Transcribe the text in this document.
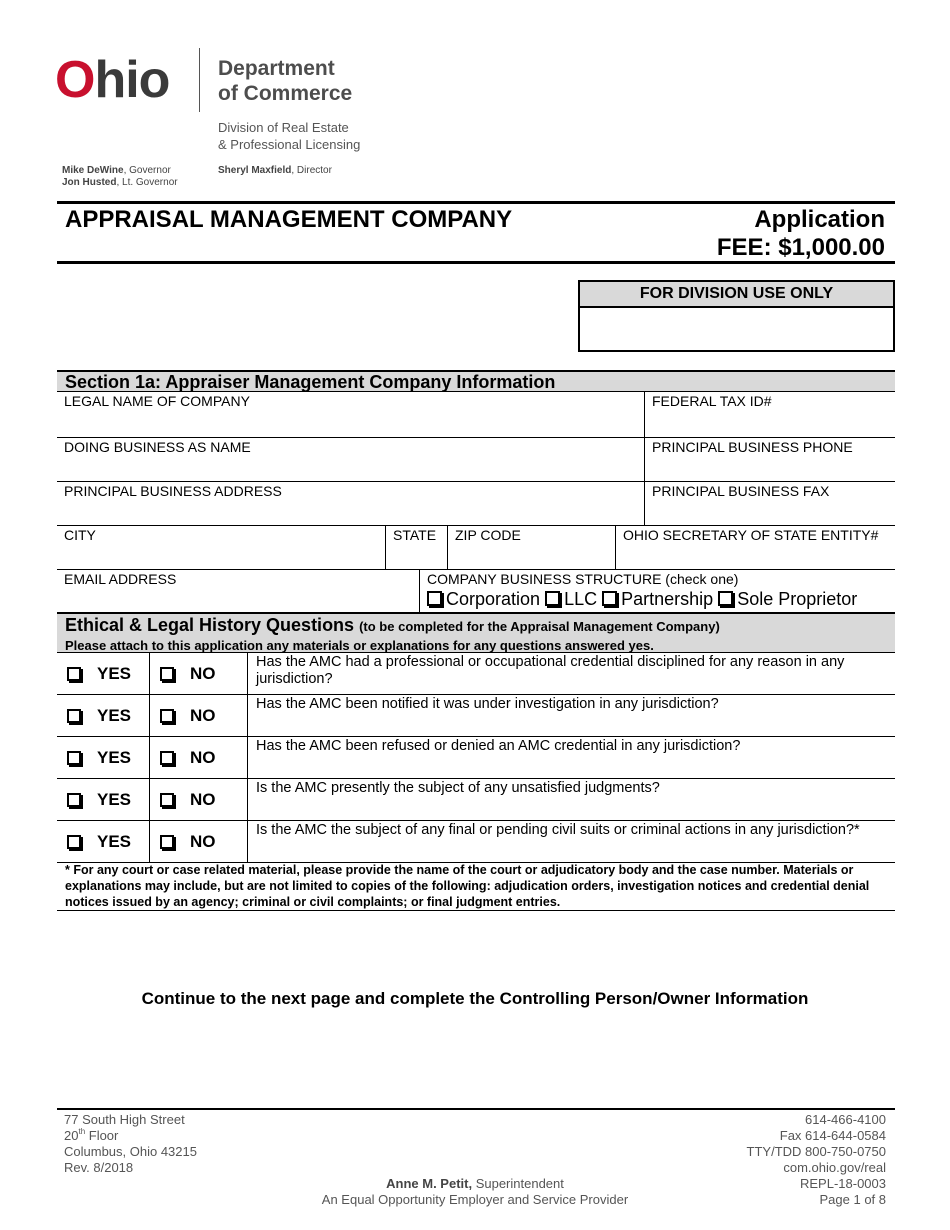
Ohio Department
of Commerce
Division of Real Estate
& Professional Licensing
Mike DeWine, Governor
Jon Husted, Lt. Governor
Sheryl Maxfield, Director
APPRAISAL MANAGEMENT COMPANY	Application
FEE: $1,000.00
FOR DIVISION USE ONLY
Section 1a: Appraiser Management Company Information
LEGAL NAME OF COMPANY	FEDERAL TAX ID#
DOING BUSINESS AS NAME	PRINCIPAL BUSINESS PHONE
PRINCIPAL BUSINESS ADDRESS	PRINCIPAL BUSINESS FAX
CITY	STATE	ZIP CODE	OHIO SECRETARY OF STATE ENTITY#
EMAIL ADDRESS	COMPANY BUSINESS STRUCTURE (check one)
Corporation LLC Partnership Sole Proprietor
Ethical & Legal History Questions (to be completed for the Appraisal Management Company)
Please attach to this application any materials or explanations for any questions answered yes.
YES	NO
Has the AMC had a professional or occupational credential disciplined for any reason in any jurisdiction?
YES	NO
Has the AMC been notified it was under investigation in any jurisdiction?
YES	NO
Has the AMC been refused or denied an AMC credential in any jurisdiction?
YES	NO
Is the AMC presently the subject of any unsatisfied judgments?
YES	NO
Is the AMC the subject of any final or pending civil suits or criminal actions in any jurisdiction?*
* For any court or case related material, please provide the name of the court or adjudicatory body and the case number. Materials or explanations may include, but are not limited to copies of the following: adjudication orders, investigation notices and credential denial notices issued by an agency; criminal or civil complaints; or final judgment entries.
Continue to the next page and complete the Controlling Person/Owner Information
77 South High Street
20th Floor
Columbus, Ohio 43215
Rev. 8/2018
Anne M. Petit, Superintendent
An Equal Opportunity Employer and Service Provider
614-466-4100
Fax 614-644-0584
TTY/TDD 800-750-0750
com.ohio.gov/real
REPL-18-0003
Page 1 of 8
